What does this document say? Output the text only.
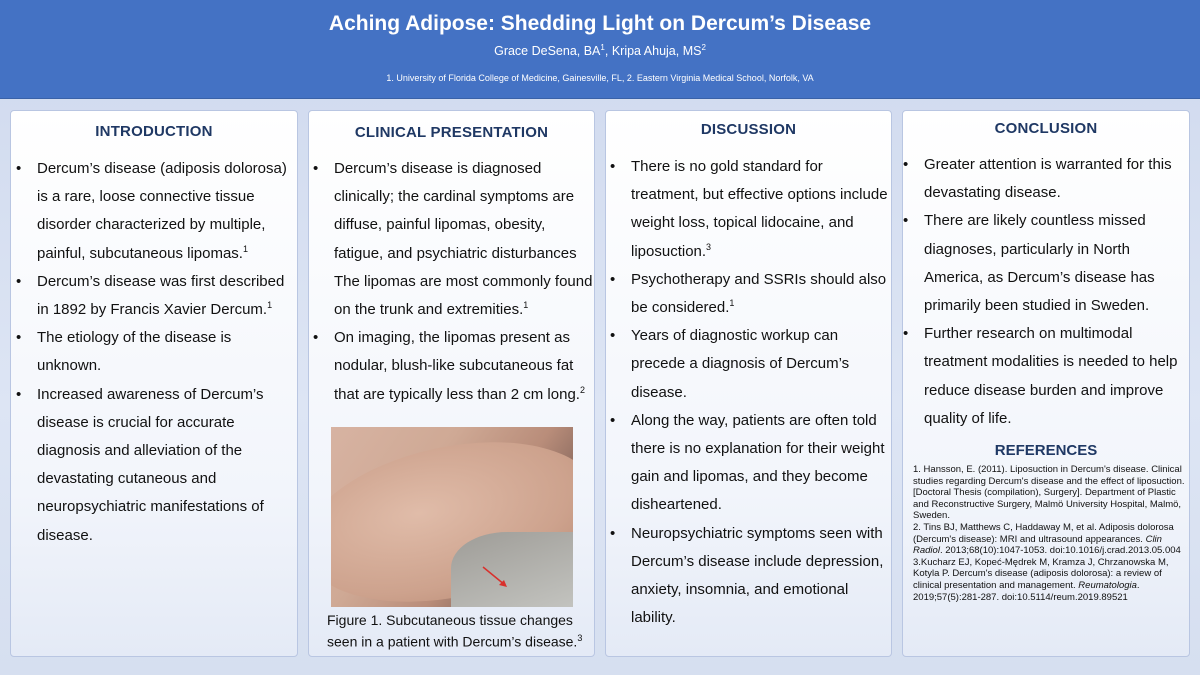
Aching Adipose: Shedding Light on Dercum’s Disease
Grace DeSena, $BA^1$, Kripa Ahuja, $MS^2$
1. University of Florida College of Medicine, Gainesville, FL, 2. Eastern Virginia Medical School, Norfolk, VA
INTRODUCTION
• Dercum’s disease (adiposis dolorosa) is a rare, loose connective tissue disorder characterized by multiple, painful, subcutaneous lipomas.$^1$
• Dercum’s disease was first described in 1892 by Francis Xavier Dercum.$^1$
• The etiology of the disease is unknown.
• Increased awareness of Dercum’s disease is crucial for accurate diagnosis and alleviation of the devastating cutaneous and neuropsychiatric manifestations of disease.
CLINICAL PRESENTATION
• Dercum’s disease is diagnosed clinically; the cardinal symptoms are diffuse, painful lipomas, obesity, fatigue, and psychiatric disturbances The lipomas are most commonly found on the trunk and extremities.$^1$
• On imaging, the lipomas present as nodular, blush-like subcutaneous fat that are typically less than 2 cm long.$^2$
Figure 1. Subcutaneous tissue changes seen in a patient with Dercum’s disease.$^3$
DISCUSSION
• There is no gold standard for treatment, but effective options include weight loss, topical lidocaine, and liposuction.$^3$
• Psychotherapy and SSRIs should also be considered.$^1$
• Years of diagnostic workup can precede a diagnosis of Dercum’s disease.
• Along the way, patients are often told there is no explanation for their weight gain and lipomas, and they become disheartened.
• Neuropsychiatric symptoms seen with Dercum’s disease include depression, anxiety, insomnia, and emotional lability.
CONCLUSION
• Greater attention is warranted for this devastating disease.
• There are likely countless missed diagnoses, particularly in North America, as Dercum’s disease has primarily been studied in Sweden.
• Further research on multimodal treatment modalities is needed to help reduce disease burden and improve quality of life.
REFERENCES

1. Hansson, E. (2011). Liposuction in Dercum's disease. Clinical studies regarding Dercum's disease and the effect of liposuction. [Doctoral Thesis (compilation), Surgery]. Department of Plastic and Reconstructive Surgery, Malmö University Hospital, Malmö, Sweden.

2. Tins BJ, Matthews C, Haddaway M, et al. Adiposis dolorosa (Dercum's disease): MRI and ultrasound appearances. Clin Radiol. 2013;68(10):1047-1053. doi:10.1016/j.crad.2013.05.004

3.Kucharz EJ, Kopeć-Mędrek M, Kramza J, Chrzanowska M, Kotyla P. Dercum's disease (adiposis dolorosa): a review of clinical presentation and management. Reumatologia. 2019;57(5):281-287. doi:10.5114/reum.2019.89521
